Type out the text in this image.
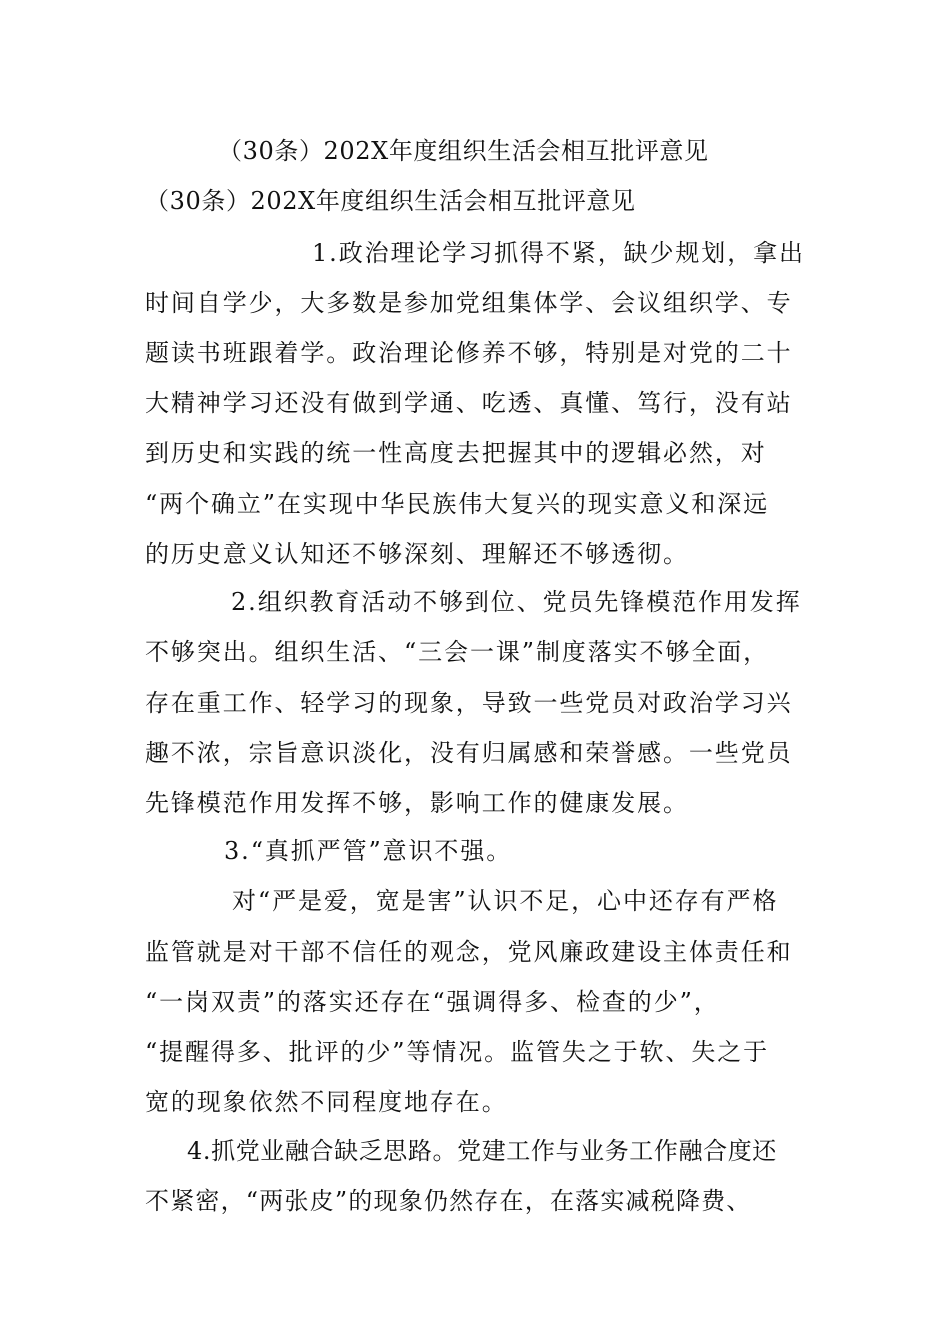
（30条）202X年度组织生活会相互批评意见
（30条）202X年度组织生活会相互批评意见
1.政治理论学习抓得不紧，缺少规划，拿出
时间自学少，大多数是参加党组集体学、会议组织学、专
题读书班跟着学。政治理论修养不够，特别是对党的二十
大精神学习还没有做到学通、吃透、真懂、笃行，没有站
到历史和实践的统一性高度去把握其中的逻辑必然，对
“两个确立”在实现中华民族伟大复兴的现实意义和深远
的历史意义认知还不够深刻、理解还不够透彻。
2.组织教育活动不够到位、党员先锋模范作用发挥
不够突出。组织生活、“三会一课”制度落实不够全面，
存在重工作、轻学习的现象，导致一些党员对政治学习兴
趣不浓，宗旨意识淡化，没有归属感和荣誉感。一些党员
先锋模范作用发挥不够，影响工作的健康发展。
3.“真抓严管”意识不强。
对“严是爱，宽是害”认识不足，心中还存有严格
监管就是对干部不信任的观念，党风廉政建设主体责任和
“一岗双责”的落实还存在“强调得多、检查的少”，
“提醒得多、批评的少”等情况。监管失之于软、失之于
宽的现象依然不同程度地存在。
4.抓党业融合缺乏思路。党建工作与业务工作融合度还
不紧密，“两张皮”的现象仍然存在，在落实减税降费、
